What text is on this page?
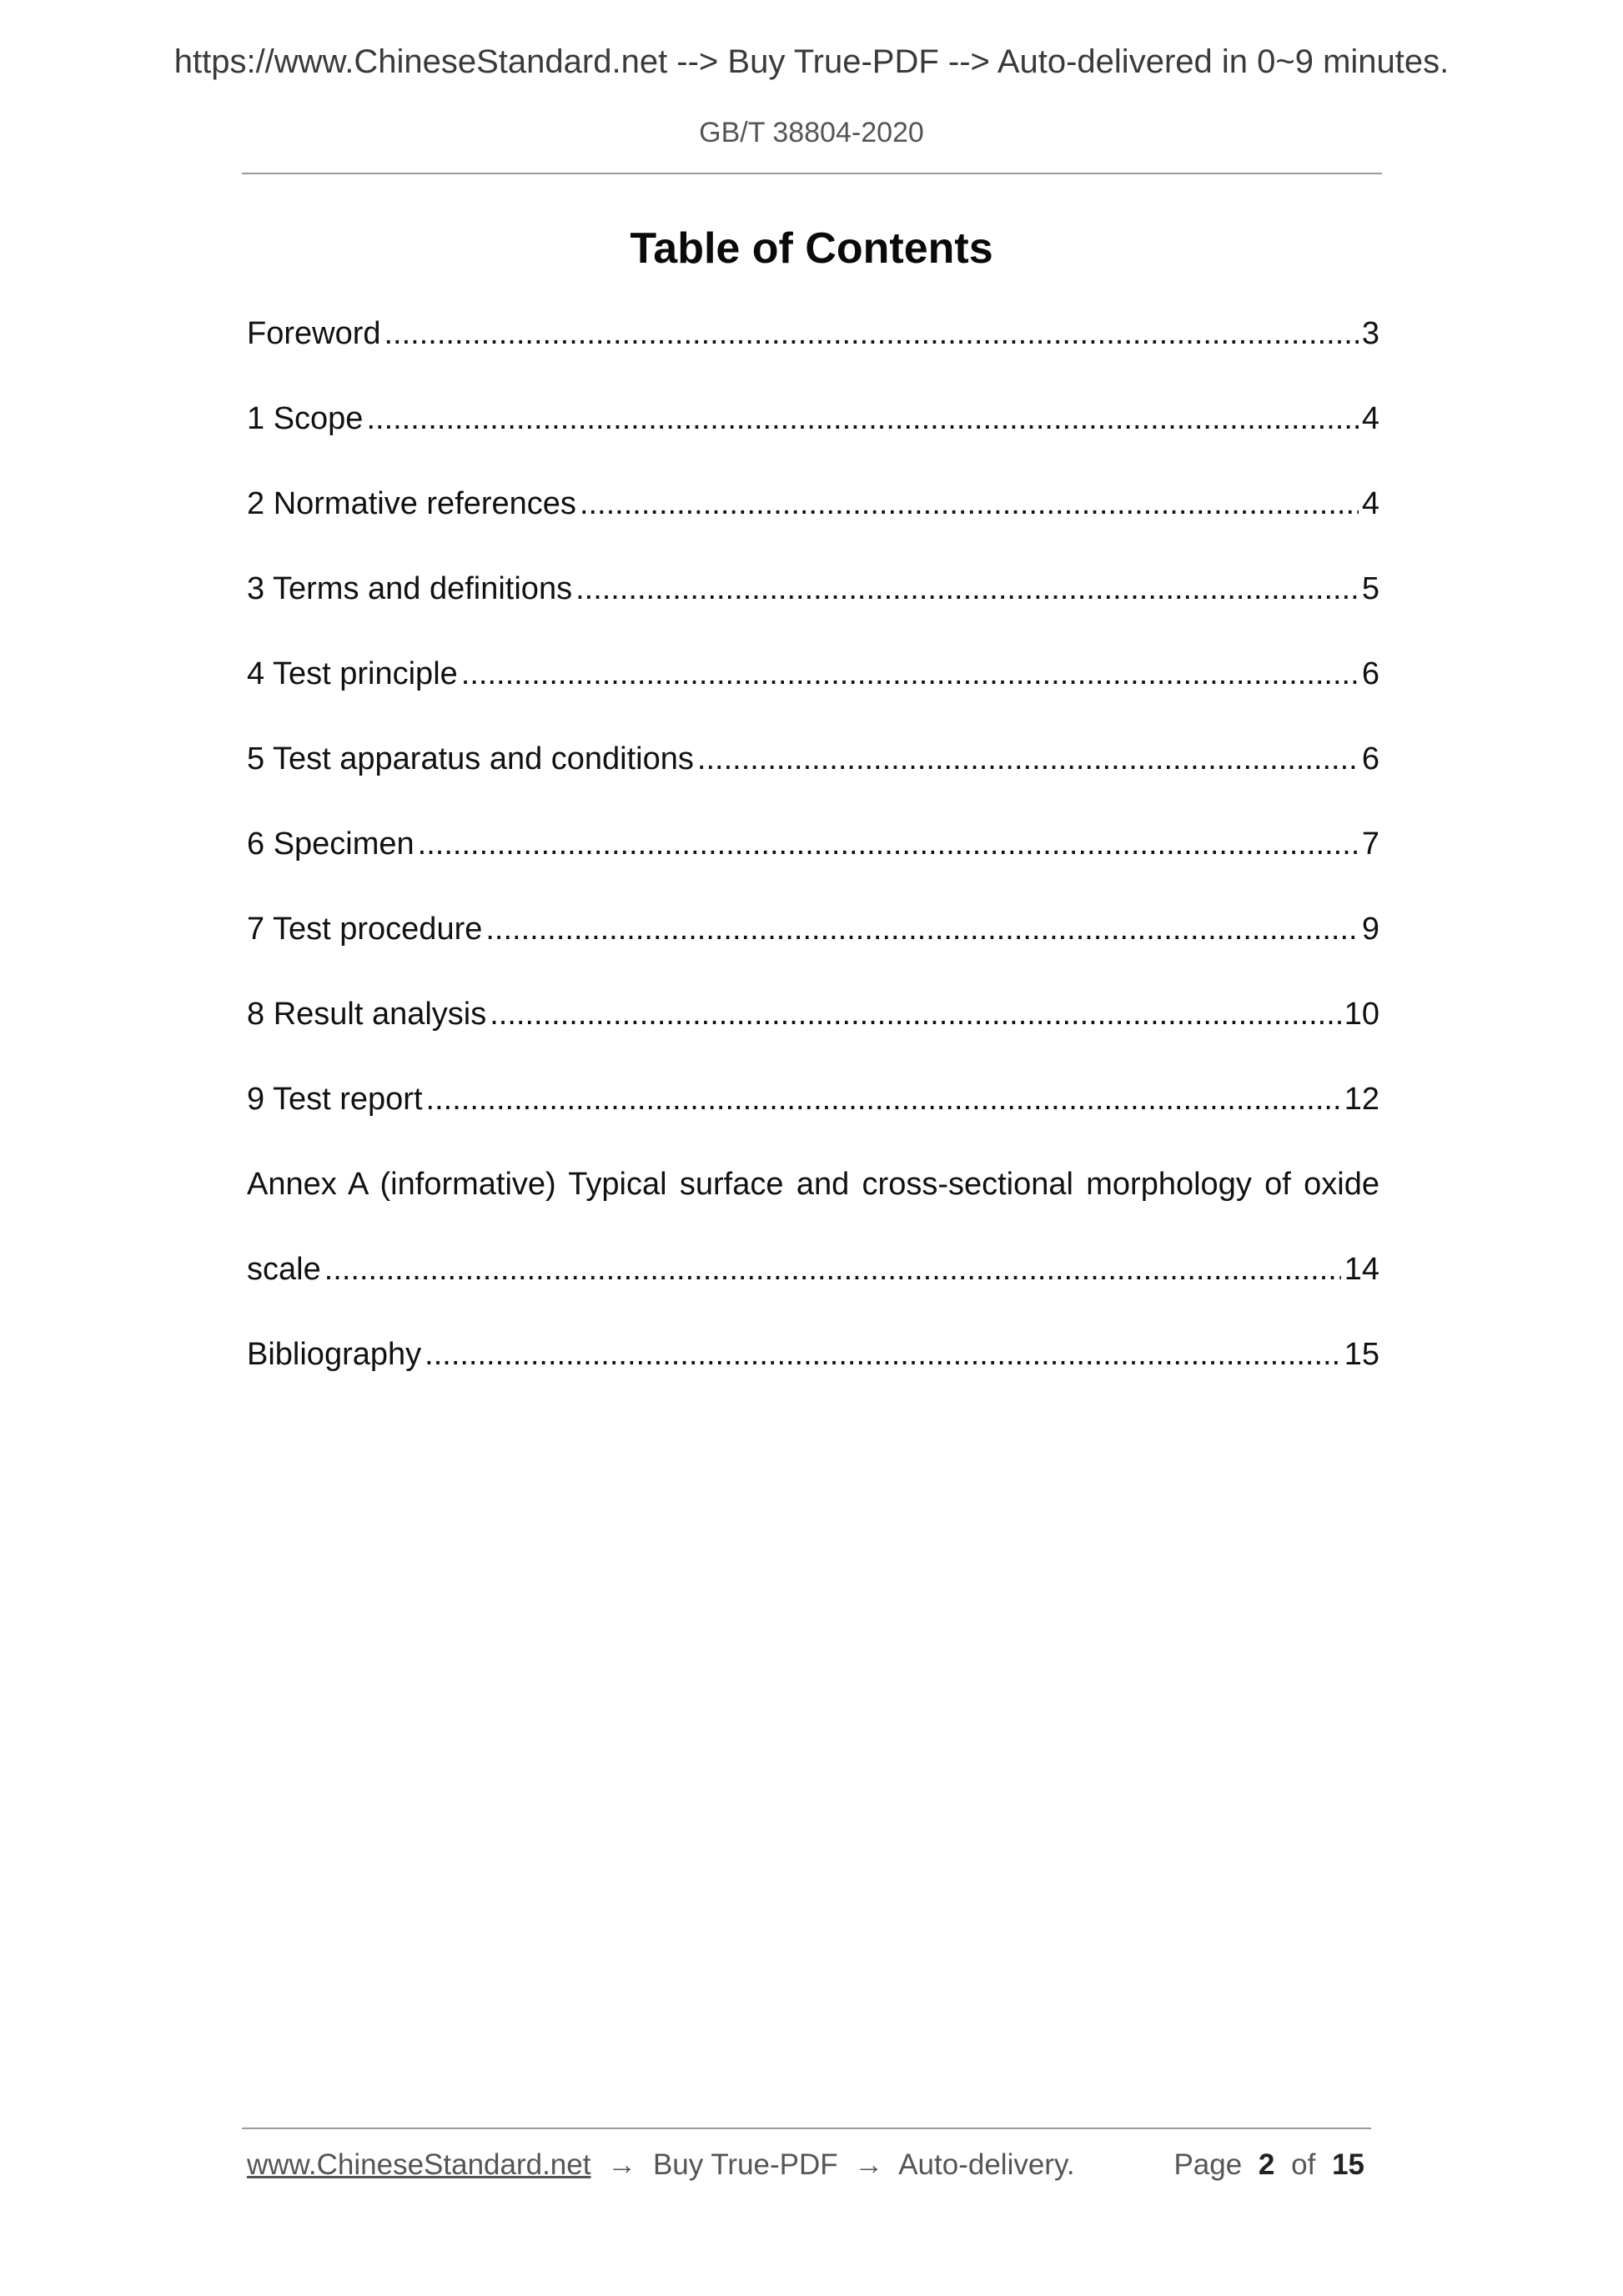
https://www.ChineseStandard.net --> Buy True-PDF --> Auto-delivered in 0~9 minutes.
GB/T 38804-2020
Table of Contents
Foreword .....	3
1 Scope .....	4
2 Normative references .....	4
3 Terms and definitions .....	5
4 Test principle .....	6
5 Test apparatus and conditions .....	6
6 Specimen .....	7
7 Test procedure .....	9
8 Result analysis .....	10
9 Test report .....	12
Annex A (informative) Typical surface and cross-sectional morphology of oxide
scale .....	14
Bibliography .....	15
www.ChineseStandard.net → Buy True-PDF → Auto-delivery.	Page 2 of 15
